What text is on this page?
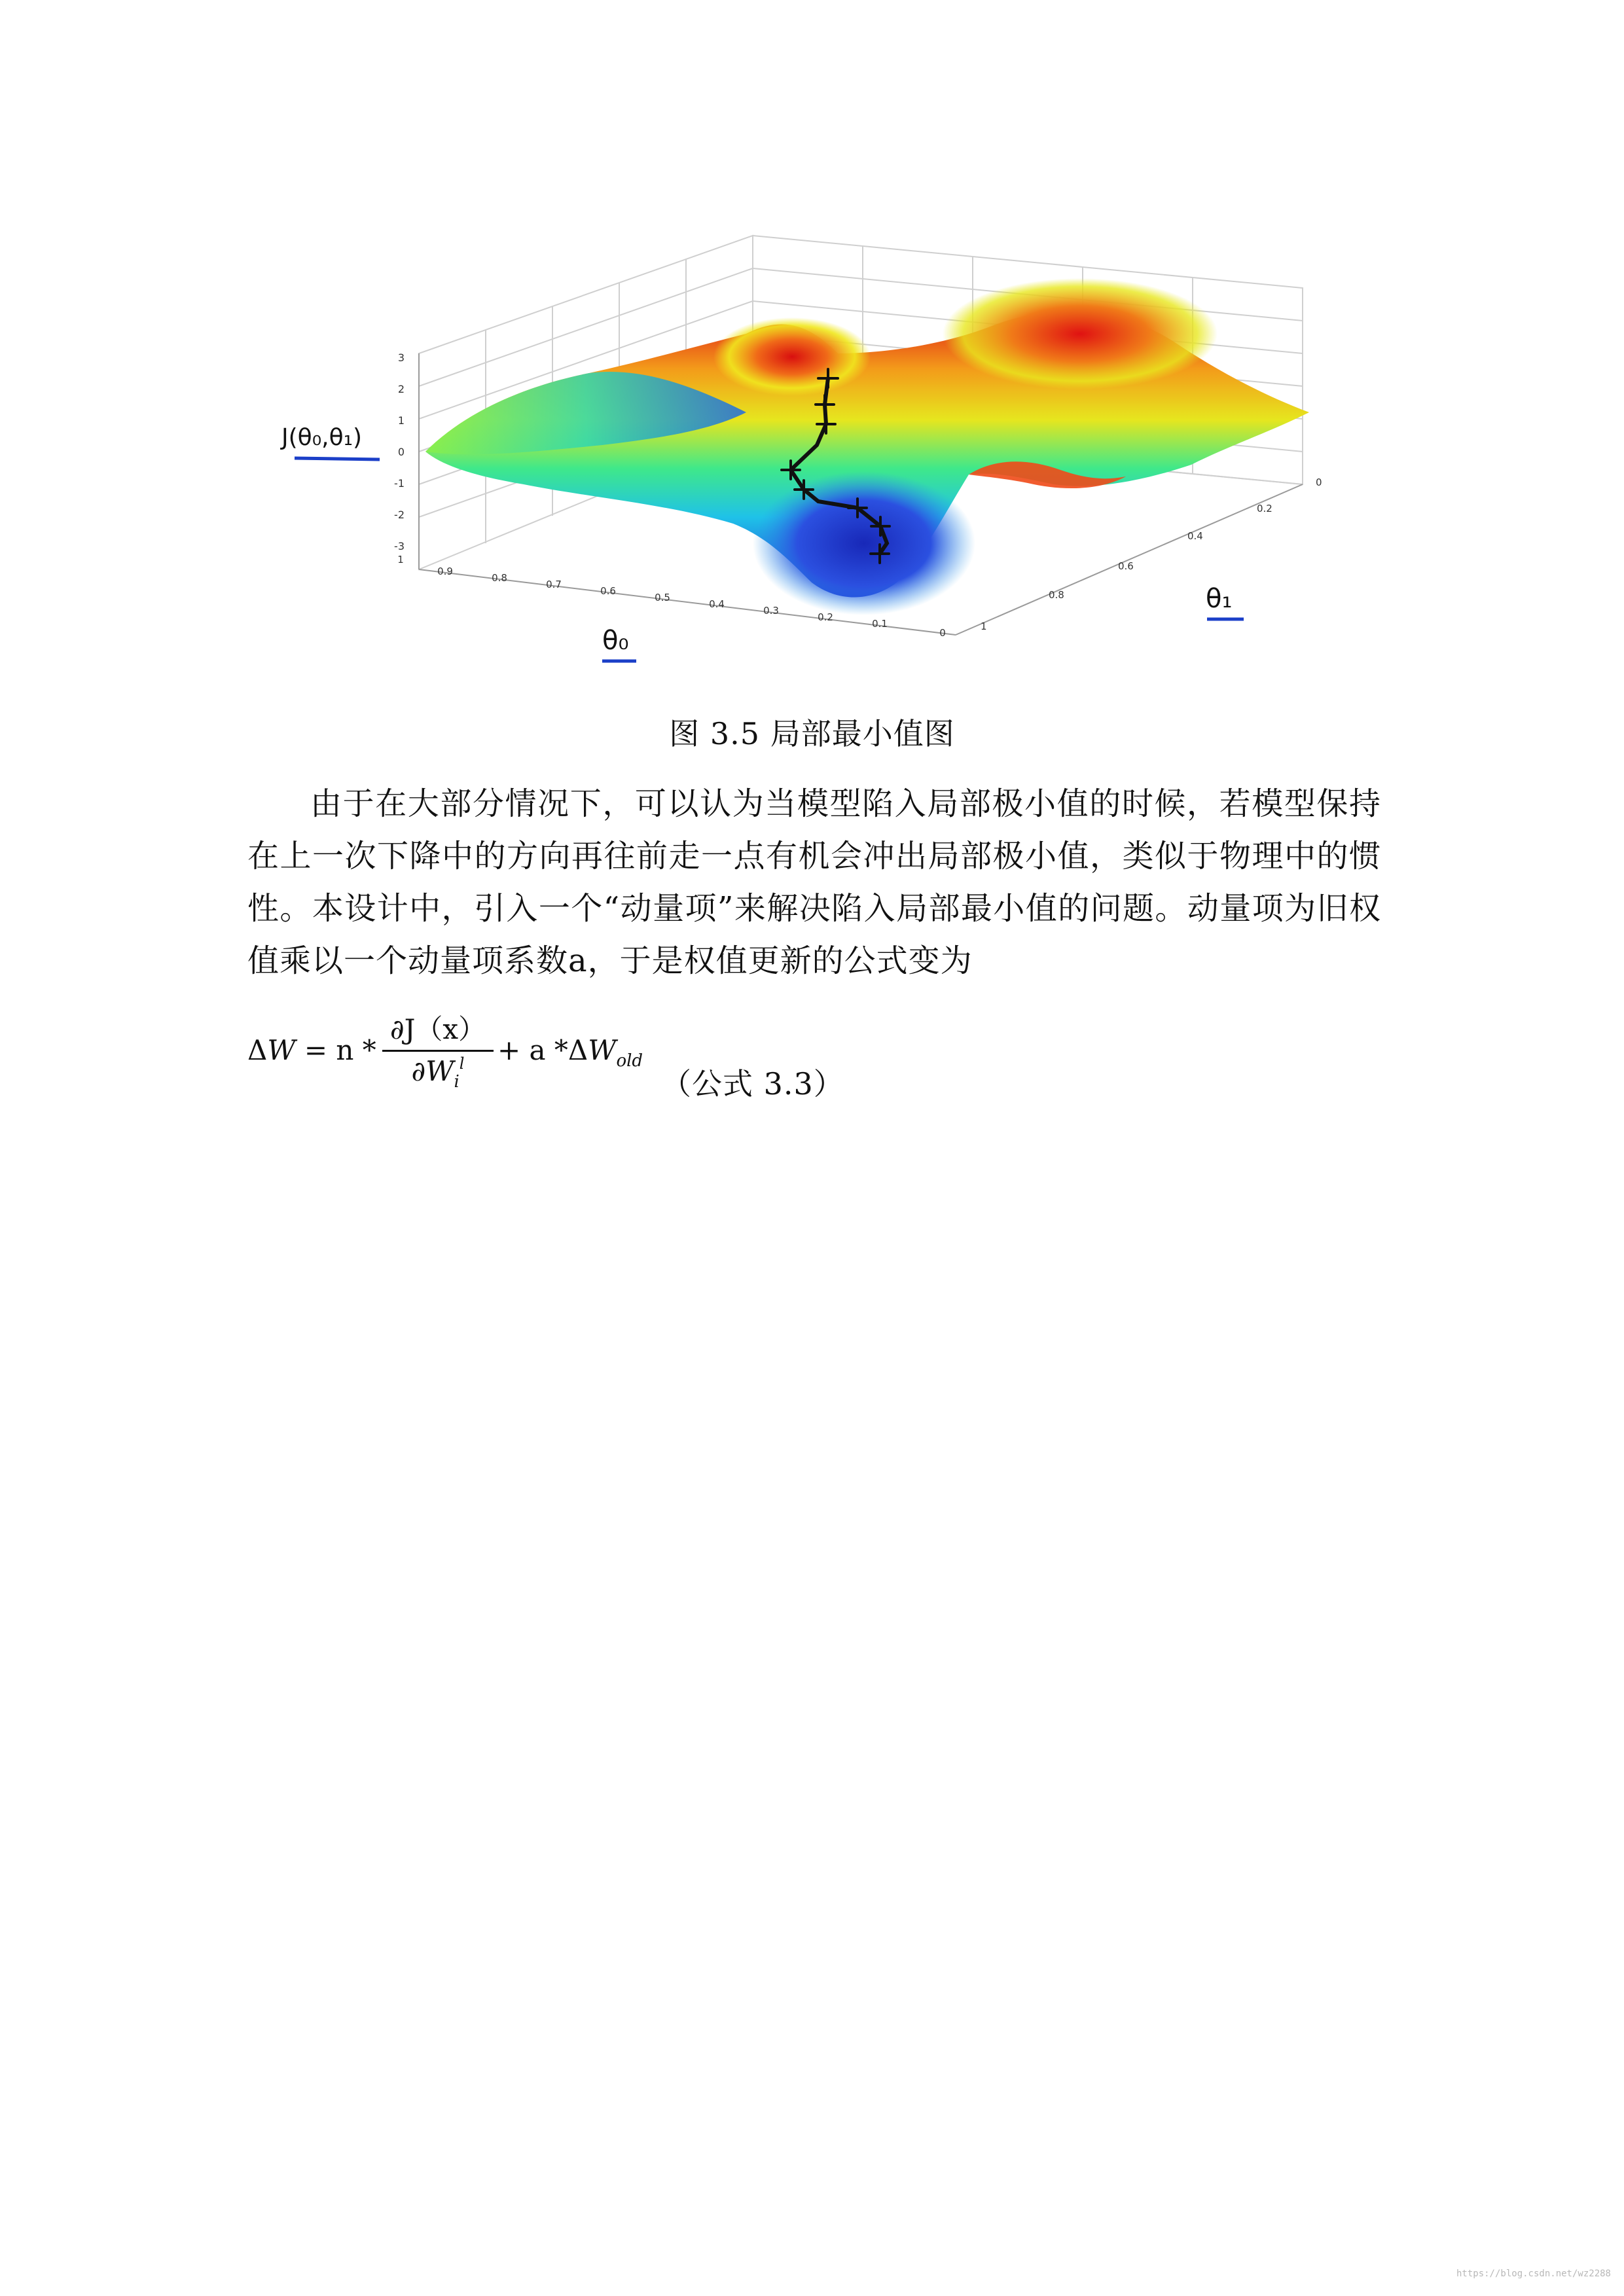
3
2
1
0
-1
-2
-3
1
0.9
0.8
0.7
0.6
0.5
0.4
0.3
0.2
0.1
0
0
0.2
0.4
0.6
0.8
1
J(θ₀,θ₁)
θ₀
θ₁
图 3.5 局部最小值图

由于在大部分情况下，可以认为当模型陷入局部极小值的时候，若模型保持在上一次下降中的方向再往前走一点有机会冲出局部极小值，类似于物理中的惯性。本设计中，引入一个“动量项”来解决陷入局部最小值的问题。动量项为旧权值乘以一个动量项系数a，于是权值更新的公式变为

ΔW = n *
∂J（x）
$\partial W_i^l$	+ a $*\Delta W_{old}$
（公式 3.3）
https://blog.csdn.net/wz2288
